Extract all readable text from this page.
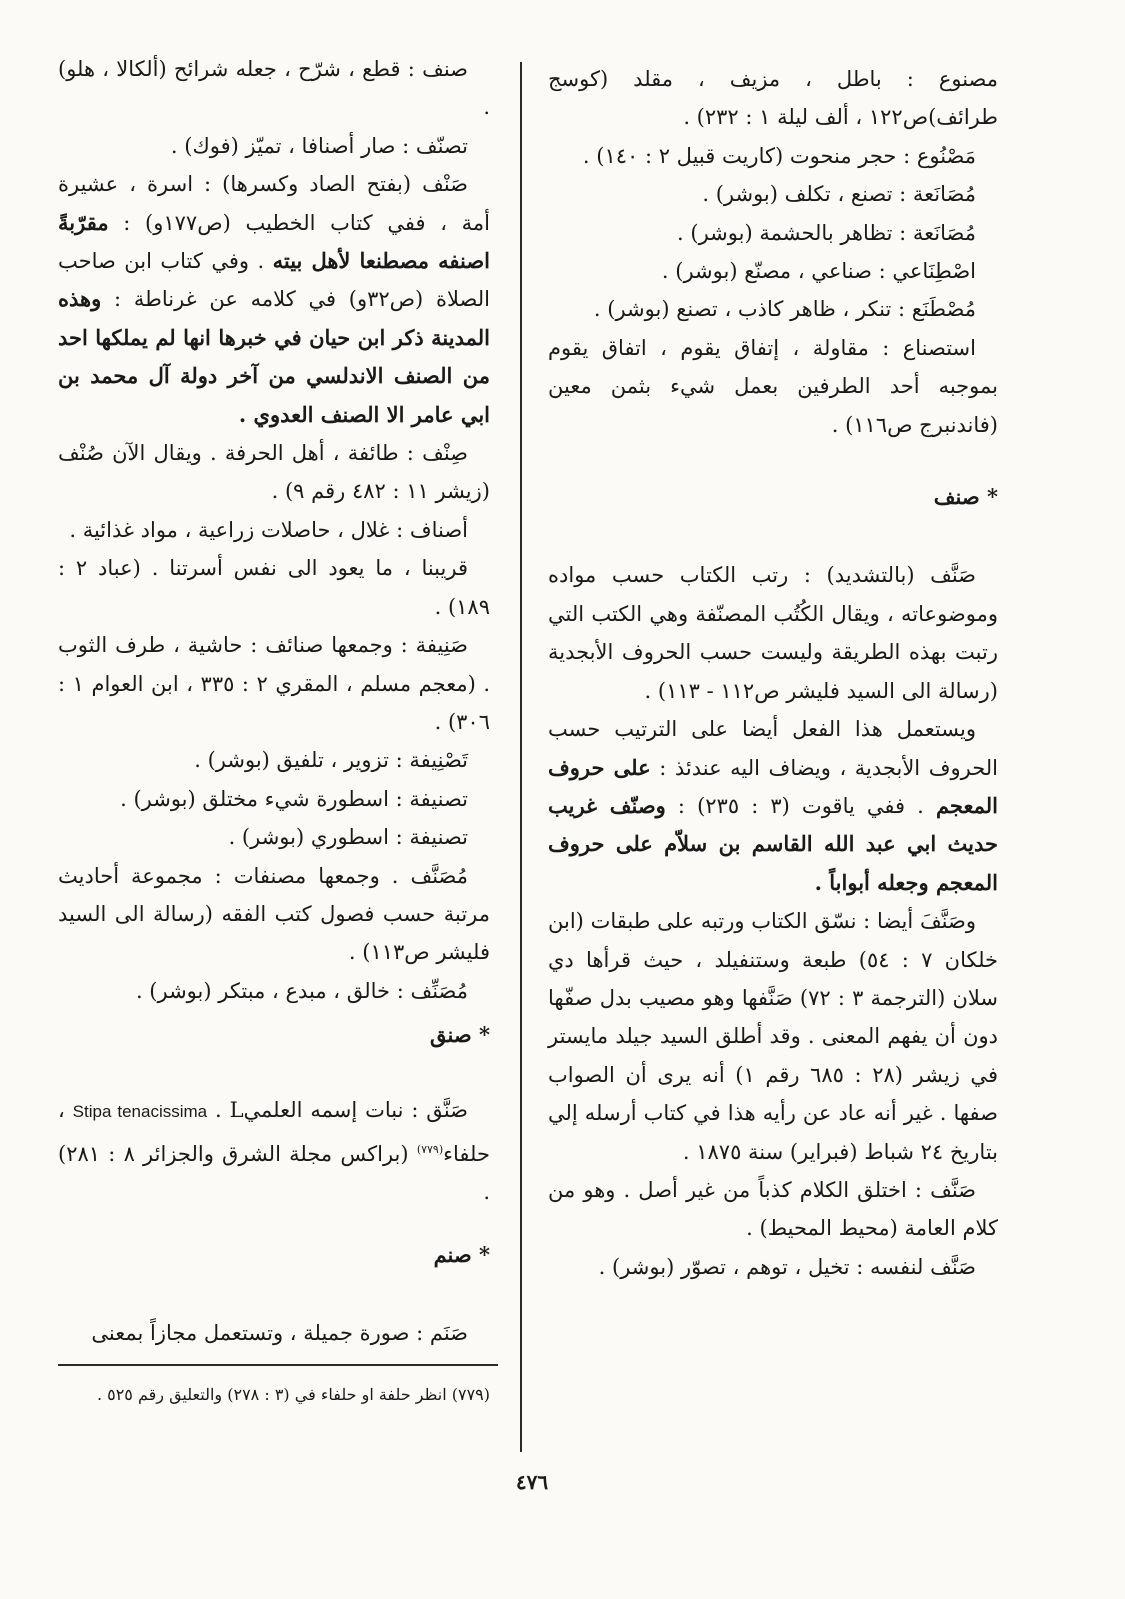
مصنوع : باطل ، مزيف ، مقلد (كوسج طرائف)ص١٢٢ ، ألف ليلة ١ : ٢٣٢) .

مَصْنُوع : حجر منحوت (كاريت قبيل ٢ : ١٤٠) .

مُصَانَعة : تصنع ، تكلف (بوشر) .

مُصَانَعة : تظاهر بالحشمة (بوشر) .

اصْطِنَاعي : صناعي ، مصنّع (بوشر) .

مُصْطَنَع : تنكر ، ظاهر كاذب ، تصنع (بوشر) .

استصناع : مقاولة ، إتفاق يقوم ، اتفاق يقوم بموجبه أحد الطرفين بعمل شيء بثمن معين (فاندنبرج ص١١٦) .

* صنف

صَنَّف (بالتشديد) : رتب الكتاب حسب مواده وموضوعاته ، ويقال الكُتُب المصنّفة وهي الكتب التي رتبت بهذه الطريقة وليست حسب الحروف الأبجدية (رسالة الى السيد فليشر ص١١٢ - ١١٣) .

ويستعمل هذا الفعل أيضا على الترتيب حسب الحروف الأبجدية ، ويضاف اليه عندئذ : على حروف المعجم . ففي ياقوت (٣ : ٢٣٥) : وصنّف غريب حديث ابي عبد الله القاسم بن سلاّم على حروف المعجم وجعله أبواباً .

وصَنَّفَ أيضا : نسّق الكتاب ورتبه على طبقات (ابن خلكان ٧ : ٥٤) طبعة وستنفيلد ، حيث قرأها دي سلان (الترجمة ٣ : ٧٢) صَنَّفها وهو مصيب بدل صفّها دون أن يفهم المعنى . وقد أطلق السيد جيلد مايستر في زيشر (٢٨ : ٦٨٥ رقم ١) أنه يرى أن الصواب صفها . غير أنه عاد عن رأيه هذا في كتاب أرسله إلي بتاريخ ٢٤ شباط (فبراير) سنة ١٨٧٥ .

صَنَّف : اختلق الكلام كذباً من غير أصل . وهو من كلام العامة (محيط المحيط) .

صَنَّف لنفسه : تخيل ، توهم ، تصوّر (بوشر) .

صنف : قطع ، شرّح ، جعله شرائح (ألكالا ، هلو) .

تصنّف : صار أصنافا ، تميّز (فوك) .

صَنْف (بفتح الصاد وكسرها) : اسرة ، عشيرة أمة ، ففي كتاب الخطيب (ص١٧٧و) : مقرّبةً اصنفه مصطنعا لأهل بيته . وفي كتاب ابن صاحب الصلاة (ص٣٢و) في كلامه عن غرناطة : وهذه المدينة ذكر ابن حيان في خبرها انها لم يملكها احد من الصنف الاندلسي من آخر دولة آل محمد بن ابي عامر الا الصنف العدوي .

صِنْف : طائفة ، أهل الحرفة . ويقال الآن صُنْف (زيشر ١١ : ٤٨٢ رقم ٩) .

أصناف : غلال ، حاصلات زراعية ، مواد غذائية .

قريبنا ، ما يعود الى نفس أسرتنا . (عباد ٢ : ١٨٩) .

صَنِيفة : وجمعها صنائف : حاشية ، طرف الثوب . (معجم مسلم ، المقري ٢ : ٣٣٥ ، ابن العوام ١ : ٣٠٦) .

تَصْنِيفة : تزوير ، تلفيق (بوشر) .

تصنيفة : اسطورة شيء مختلق (بوشر) .

تصنيفة : اسطوري (بوشر) .

مُصَنَّف . وجمعها مصنفات : مجموعة أحاديث مرتبة حسب فصول كتب الفقه (رسالة الى السيد فليشر ص١١٣) .

مُصَنِّف : خالق ، مبدع ، مبتكر (بوشر) .

* صنق

صَنَّق : نبات إسمه العلميStipa tenacissima . L ، حلفاء$^{(٧٧٩)}$ (براكس مجلة الشرق والجزائر ٨ : ٢٨١) .

* صنم

صَنَم : صورة جميلة ، وتستعمل مجازاً بمعنى

(٧٧٩) انظر حلفة او حلفاء في (٣ : ٢٧٨) والتعليق رقم ٥٢٥ .
٤٧٦
